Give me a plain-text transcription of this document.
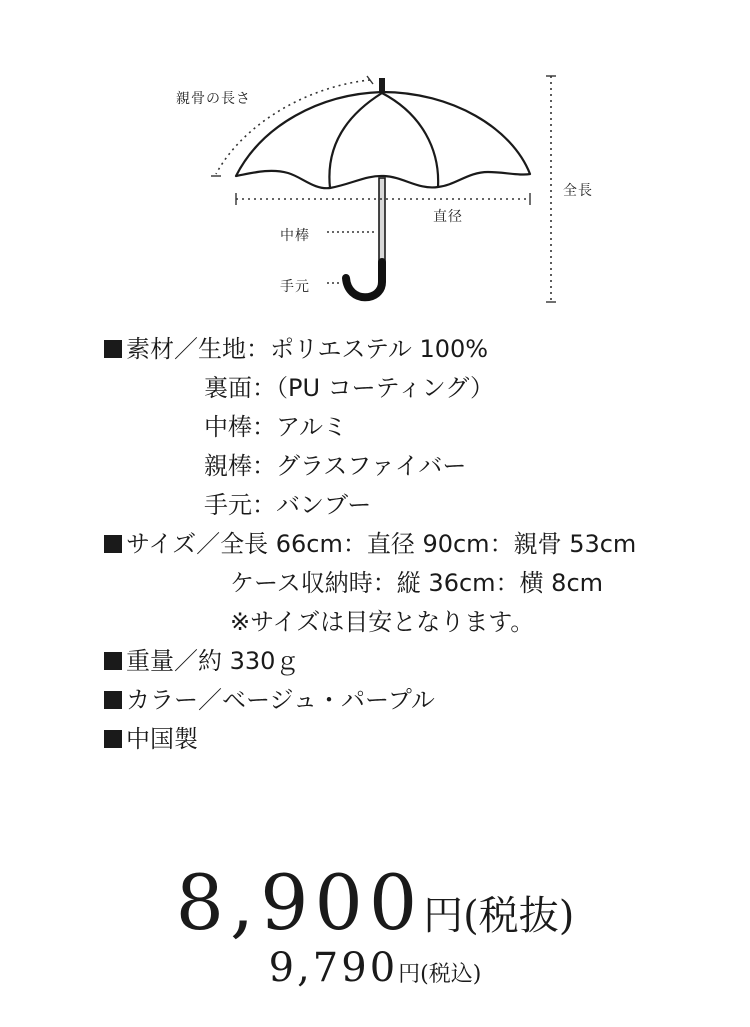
親骨の長さ
全長
直径
中棒
手元
素材／生地：ポリエステル 100%
裏面：（PU コーティング）
中棒：アルミ
親棒：グラスファイバー
手元：バンブー
サイズ／全長 66cm：直径 90cm：親骨 53cm
ケース収納時：縦 36cm：横 8cm
※サイズは目安となります。
重量／約 330ｇ
カラー／ベージュ・パープル
中国製
8,900円(税抜)
9,790円(税込)
